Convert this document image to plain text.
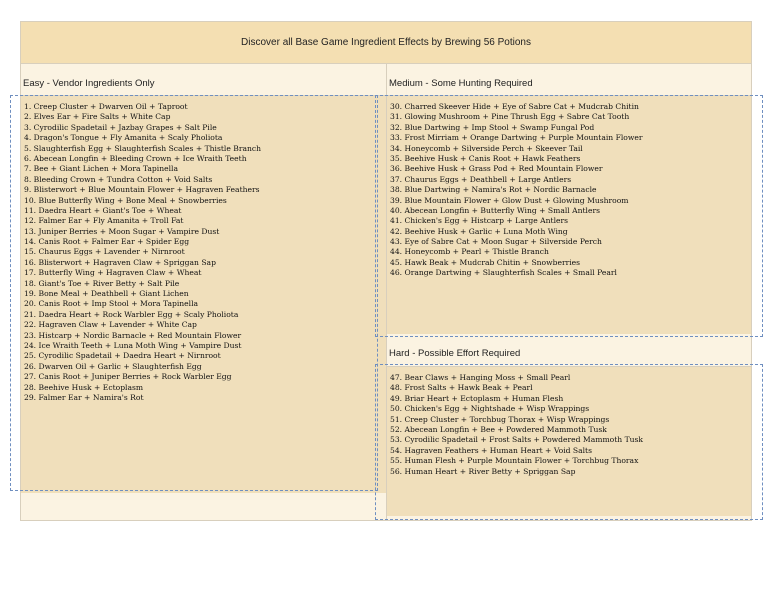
Discover all Base Game Ingredient Effects by Brewing 56 Potions
Easy - Vendor Ingredients Only
1. Creep Cluster + Dwarven Oil + Taproot
2. Elves Ear + Fire Salts + White Cap
3. Cyrodilic Spadetail + Jazbay Grapes + Salt Pile
4. Dragon's Tongue + Fly Amanita + Scaly Pholiota
5. Slaughterfish Egg + Slaughterfish Scales + Thistle Branch
6. Abecean Longfin + Bleeding Crown + Ice Wraith Teeth
7. Bee + Giant Lichen + Mora Tapinella
8. Bleeding Crown + Tundra Cotton + Void Salts
9. Blisterwort + Blue Mountain Flower + Hagraven Feathers
10. Blue Butterfly Wing + Bone Meal + Snowberries
11. Daedra Heart + Giant's Toe + Wheat
12. Falmer Ear + Fly Amanita + Troll Fat
13. Juniper Berries + Moon Sugar + Vampire Dust
14. Canis Root + Falmer Ear + Spider Egg
15. Chaurus Eggs + Lavender + Nirnroot
16. Blisterwort + Hagraven Claw + Spriggan Sap
17. Butterfly Wing + Hagraven Claw + Wheat
18. Giant's Toe + River Betty + Salt Pile
19. Bone Meal + Deathbell + Giant Lichen
20. Canis Root + Imp Stool + Mora Tapinella
21. Daedra Heart + Rock Warbler Egg + Scaly Pholiota
22. Hagraven Claw + Lavender + White Cap
23. Histcarp + Nordic Barnacle + Red Mountain Flower
24. Ice Wraith Teeth + Luna Moth Wing + Vampire Dust
25. Cyrodilic Spadetail + Daedra Heart + Nirnroot
26. Dwarven Oil + Garlic + Slaughterfish Egg
27. Canis Root + Juniper Berries + Rock Warbler Egg
28. Beehive Husk + Ectoplasm
29. Falmer Ear + Namira's Rot
Medium - Some Hunting Required
30. Charred Skeever Hide + Eye of Sabre Cat + Mudcrab Chitin
31. Glowing Mushroom + Pine Thrush Egg + Sabre Cat Tooth
32. Blue Dartwing + Imp Stool + Swamp Fungal Pod
33. Frost Mirriam + Orange Dartwing + Purple Mountain Flower
34. Honeycomb + Silverside Perch + Skeever Tail
35. Beehive Husk + Canis Root + Hawk Feathers
36. Beehive Husk + Grass Pod + Red Mountain Flower
37. Chaurus Eggs + Deathbell + Large Antlers
38. Blue Dartwing + Namira's Rot + Nordic Barnacle
39. Blue Mountain Flower + Glow Dust + Glowing Mushroom
40. Abecean Longfin + Butterfly Wing + Small Antlers
41. Chicken's Egg + Histcarp + Large Antlers
42. Beehive Husk + Garlic + Luna Moth Wing
43. Eye of Sabre Cat + Moon Sugar + Silverside Perch
44. Honeycomb + Pearl + Thistle Branch
45. Hawk Beak + Mudcrab Chitin + Snowberries
46. Orange Dartwing + Slaughterfish Scales + Small Pearl
Hard - Possible Effort Required
47. Bear Claws + Hanging Moss + Small Pearl
48. Frost Salts + Hawk Beak + Pearl
49. Briar Heart + Ectoplasm + Human Flesh
50. Chicken's Egg + Nightshade + Wisp Wrappings
51. Creep Cluster + Torchbug Thorax + Wisp Wrappings
52. Abecean Longfin + Bee + Powdered Mammoth Tusk
53. Cyrodilic Spadetail + Frost Salts + Powdered Mammoth Tusk
54. Hagraven Feathers + Human Heart + Void Salts
55. Human Flesh + Purple Mountain Flower + Torchbug Thorax
56. Human Heart + River Betty + Spriggan Sap
